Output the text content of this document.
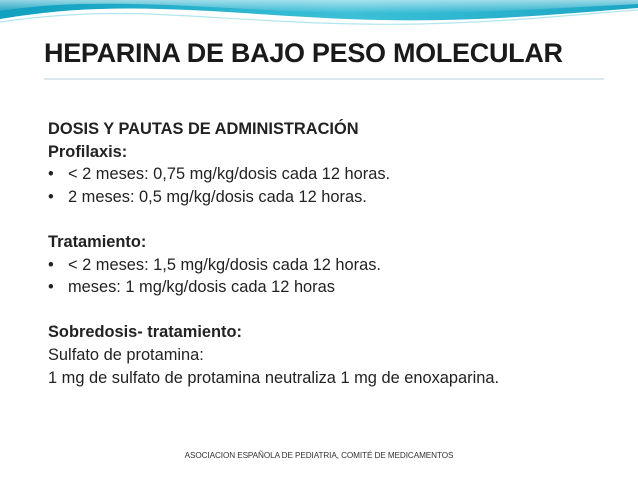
HEPARINA DE BAJO PESO MOLECULAR
DOSIS Y PAUTAS DE ADMINISTRACIÓN
Profilaxis:
• < 2 meses: 0,75 mg/kg/dosis cada 12 horas.
• 2 meses: 0,5 mg/kg/dosis cada 12 horas.
Tratamiento:
• < 2 meses: 1,5 mg/kg/dosis cada 12 horas.
• meses: 1 mg/kg/dosis cada 12 horas
Sobredosis- tratamiento:
Sulfato de protamina:
1 mg de sulfato de protamina neutraliza 1 mg de enoxaparina.
ASOCIACION ESPAÑOLA DE PEDIATRIA, COMITÉ DE MEDICAMENTOS
